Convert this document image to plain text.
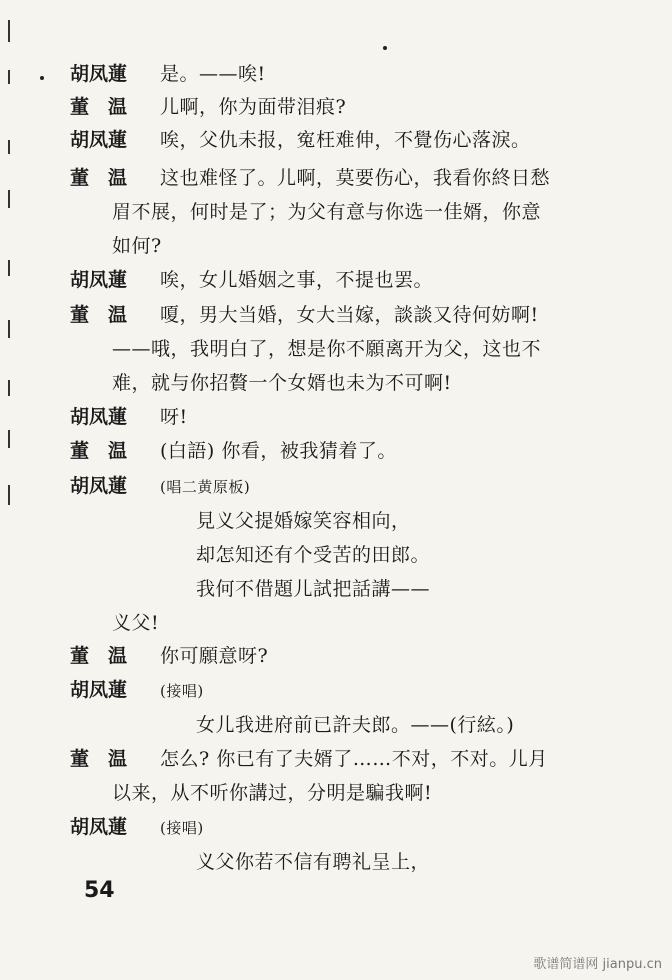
胡凤蓮 是。——唉!
董　温 儿啊，你为面带泪痕?
胡凤蓮 唉，父仇未报，寃枉难伸，不覺伤心落淚。
董　温 这也难怪了。儿啊，莫要伤心，我看你終日愁
眉不展，何时是了；为父有意与你选一佳婿，你意
如何?
胡凤蓮 唉，女儿婚姻之事，不提也罢。
董　温 嗄，男大当婚，女大当嫁，談談又待何妨啊!
——哦，我明白了，想是你不願离开为父，这也不
难，就与你招贅一个女婿也未为不可啊!
胡凤蓮 呀!
董　温 (白語) 你看，被我猜着了。
胡凤蓮 (唱二黄原板)
見义父提婚嫁笑容相向，
却怎知还有个受苦的田郎。
我何不借題儿試把話講——
义父!
董　温 你可願意呀?
胡凤蓮 (接唱)
女儿我进府前已許夫郎。——(行絃。)
董　温 怎么? 你已有了夫婿了……不对，不对。儿月
以来，从不听你講过，分明是騙我啊!
胡凤蓮 (接唱)
义父你若不信有聘礼呈上，
54
歌谱简谱网 jianpu.cn
